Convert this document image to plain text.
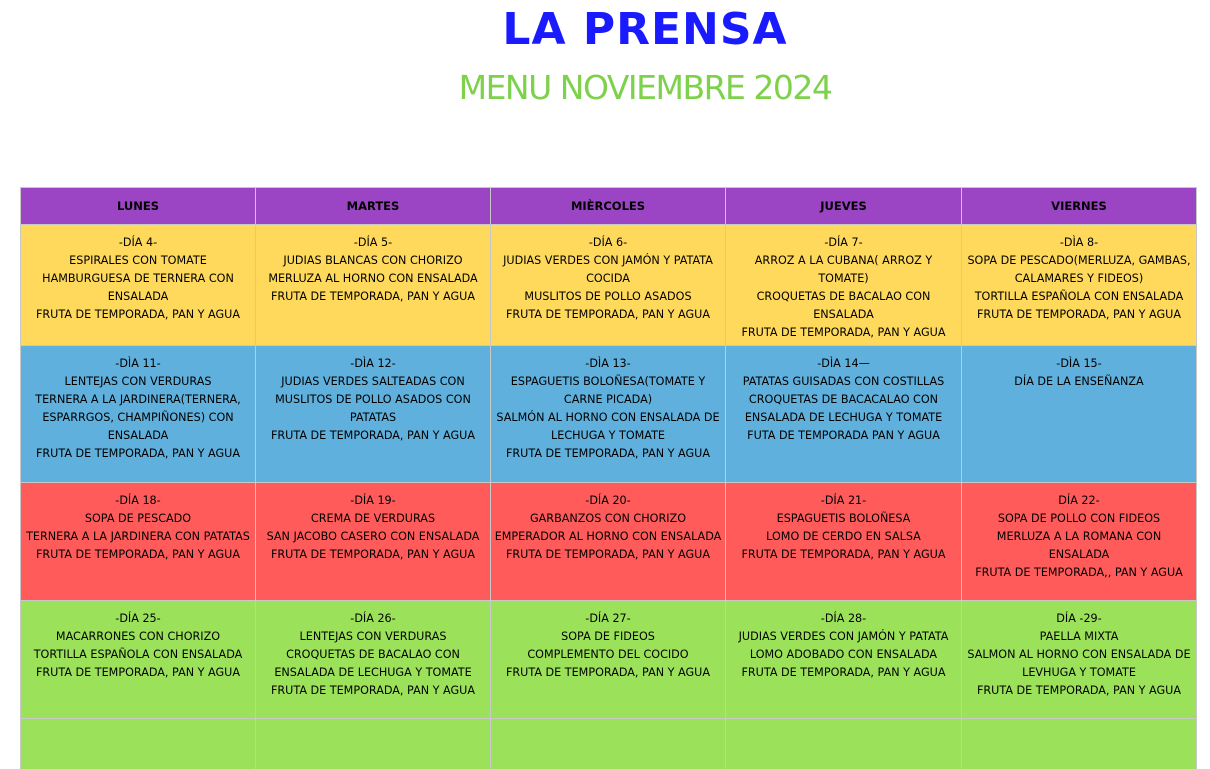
LA PRENSA
MENU NOVIEMBRE 2024
LUNES	MARTES	MIÈRCOLES	JUEVES	VIERNES

-DÍA 4-
ESPIRALES CON TOMATE
HAMBURGUESA DE TERNERA CON ENSALADA
FRUTA DE TEMPORADA, PAN Y AGUA	-DÍA 5-
JUDIAS BLANCAS CON CHORIZO
MERLUZA AL HORNO CON ENSALADA
FRUTA DE TEMPORADA, PAN Y AGUA	-DÍA 6-
JUDIAS VERDES CON JAMÓN Y PATATA COCIDA
MUSLITOS DE POLLO ASADOS
FRUTA DE TEMPORADA, PAN Y AGUA	-DÍA 7-
ARROZ A LA CUBANA( ARROZ Y TOMATE)
CROQUETAS DE BACALAO CON ENSALADA
FRUTA DE TEMPORADA, PAN Y AGUA	-DÌA 8-
SOPA DE PESCADO(MERLUZA, GAMBAS, CALAMARES Y FIDEOS)
TORTILLA ESPAÑOLA CON ENSALADA
FRUTA DE TEMPORADA, PAN Y AGUA

-DÌA 11-
LENTEJAS CON VERDURAS
TERNERA A LA JARDINERA(TERNERA, ESPARRGOS, CHAMPIÑONES) CON ENSALADA
FRUTA DE TEMPORADA, PAN Y AGUA	-DÌA 12-
JUDIAS VERDES SALTEADAS CON MUSLITOS DE POLLO ASADOS CON PATATAS
FRUTA DE TEMPORADA, PAN Y AGUA	-DÌA 13-
ESPAGUETIS BOLOÑESA(TOMATE Y CARNE PICADA)
SALMÓN AL HORNO CON ENSALADA DE LECHUGA Y TOMATE
FRUTA DE TEMPORADA, PAN Y AGUA	-DÌA 14—
PATATAS GUISADAS CON COSTILLAS
CROQUETAS DE BACACALAO CON ENSALADA DE LECHUGA Y TOMATE
FUTA DE TEMPORADA PAN Y AGUA	-DÌA 15-
DÍA DE LA ENSEÑANZA

-DÍA 18-
SOPA DE PESCADO
TERNERA A LA JARDINERA CON PATATAS
FRUTA DE TEMPORADA, PAN Y AGUA	-DÍA 19-
CREMA DE VERDURAS
SAN JACOBO CASERO CON ENSALADA
FRUTA DE TEMPORADA, PAN Y AGUA	-DÍA 20-
GARBANZOS CON CHORIZO
EMPERADOR AL HORNO CON ENSALADA
FRUTA DE TEMPORADA, PAN Y AGUA	-DÍA 21-
ESPAGUETIS BOLOÑESA
LOMO DE CERDO EN SALSA
FRUTA DE TEMPORADA, PAN Y AGUA	DÍA 22-
SOPA DE POLLO CON FIDEOS
MERLUZA A LA ROMANA CON ENSALADA
FRUTA DE TEMPORADA,, PAN Y AGUA

-DÍA 25-
MACARRONES CON CHORIZO
TORTILLA ESPAÑOLA CON ENSALADA
FRUTA DE TEMPORADA, PAN Y AGUA	-DÍA 26-
LENTEJAS CON VERDURAS
CROQUETAS DE BACALAO CON ENSALADA DE LECHUGA Y TOMATE
FRUTA DE TEMPORADA, PAN Y AGUA	-DÍA 27-
SOPA DE FIDEOS
COMPLEMENTO DEL COCIDO
FRUTA DE TEMPORADA, PAN Y AGUA	-DÍA 28-
JUDIAS VERDES CON JAMÓN Y PATATA
LOMO ADOBADO CON ENSALADA
FRUTA DE TEMPORADA, PAN Y AGUA	DÍA -29-
PAELLA MIXTA
SALMON AL HORNO CON ENSALADA DE LEVHUGA Y TOMATE
FRUTA DE TEMPORADA, PAN Y AGUA
